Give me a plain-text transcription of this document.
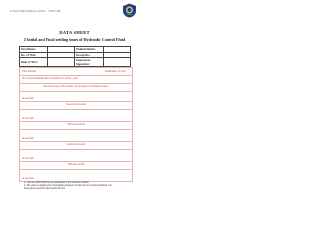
B.TECH MECHANICAL ENGG. · FMM LAB
DATA SHEET
2 Initial and Final settling times of Hydraulic Control Fluid
Test Name:		Student Name:	
No. of Test:		Group No.:	
Date of Test:		Supervisor Signature:	
Time Periods	Parameters (in mm)
At t= 0 (Immediately after completion of mixing - put)
Record at every 30 seconds. For all types of Portland cement
At seconds
Second test period
At seconds
Third test period
At seconds
Fourth test period
At seconds
Fifth test period
At seconds
1. Time to reach final time of penetration is the concrete mixture.
2. The value is obtained by interpolating between the last two (or) results obtained, but
being above and the other below 25 mm.
